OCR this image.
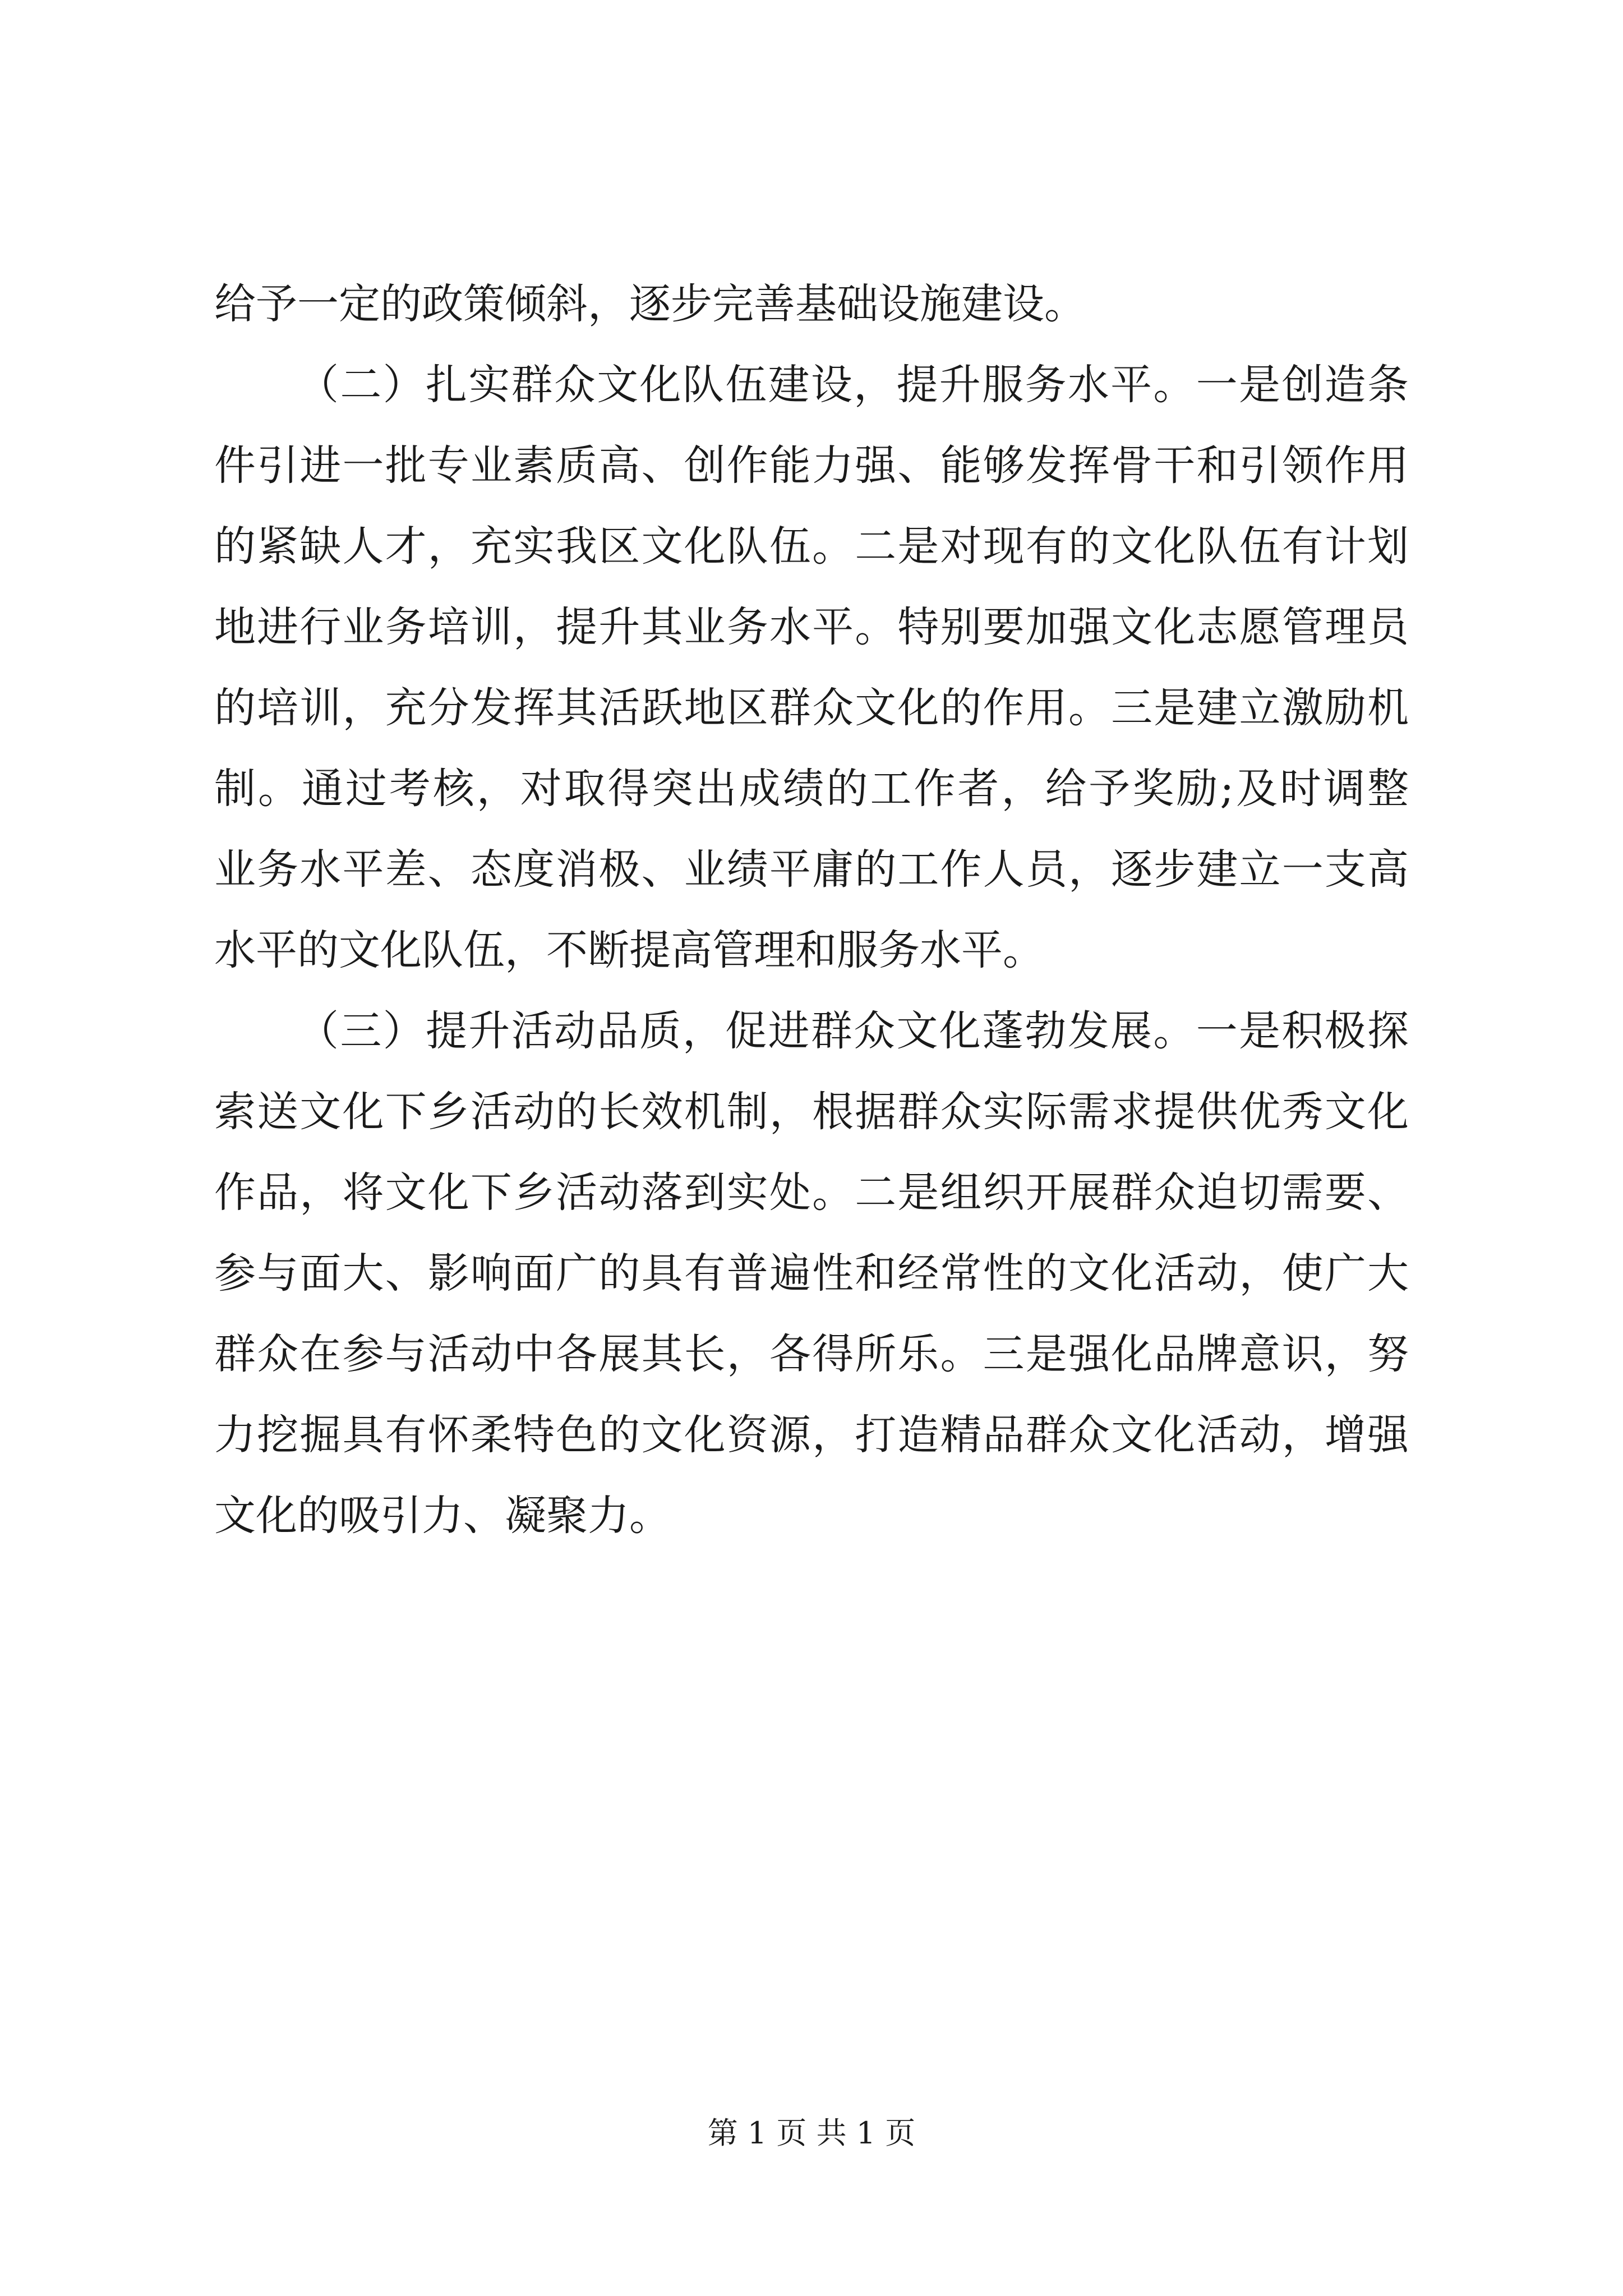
给予一定的政策倾斜，逐步完善基础设施建设。
（二）扎实群众文化队伍建设，提升服务水平。一是创造条
件引进一批专业素质高、创作能力强、能够发挥骨干和引领作用
的紧缺人才，充实我区文化队伍。二是对现有的文化队伍有计划
地进行业务培训，提升其业务水平。特别要加强文化志愿管理员
的培训，充分发挥其活跃地区群众文化的作用。三是建立激励机
制。通过考核，对取得突出成绩的工作者，给予奖励;及时调整
业务水平差、态度消极、业绩平庸的工作人员，逐步建立一支高
水平的文化队伍，不断提高管理和服务水平。
（三）提升活动品质，促进群众文化蓬勃发展。一是积极探
索送文化下乡活动的长效机制，根据群众实际需求提供优秀文化
作品，将文化下乡活动落到实处。二是组织开展群众迫切需要、
参与面大、影响面广的具有普遍性和经常性的文化活动，使广大
群众在参与活动中各展其长，各得所乐。三是强化品牌意识，努
力挖掘具有怀柔特色的文化资源，打造精品群众文化活动，增强
文化的吸引力、凝聚力。
第 1 页 共 1 页
